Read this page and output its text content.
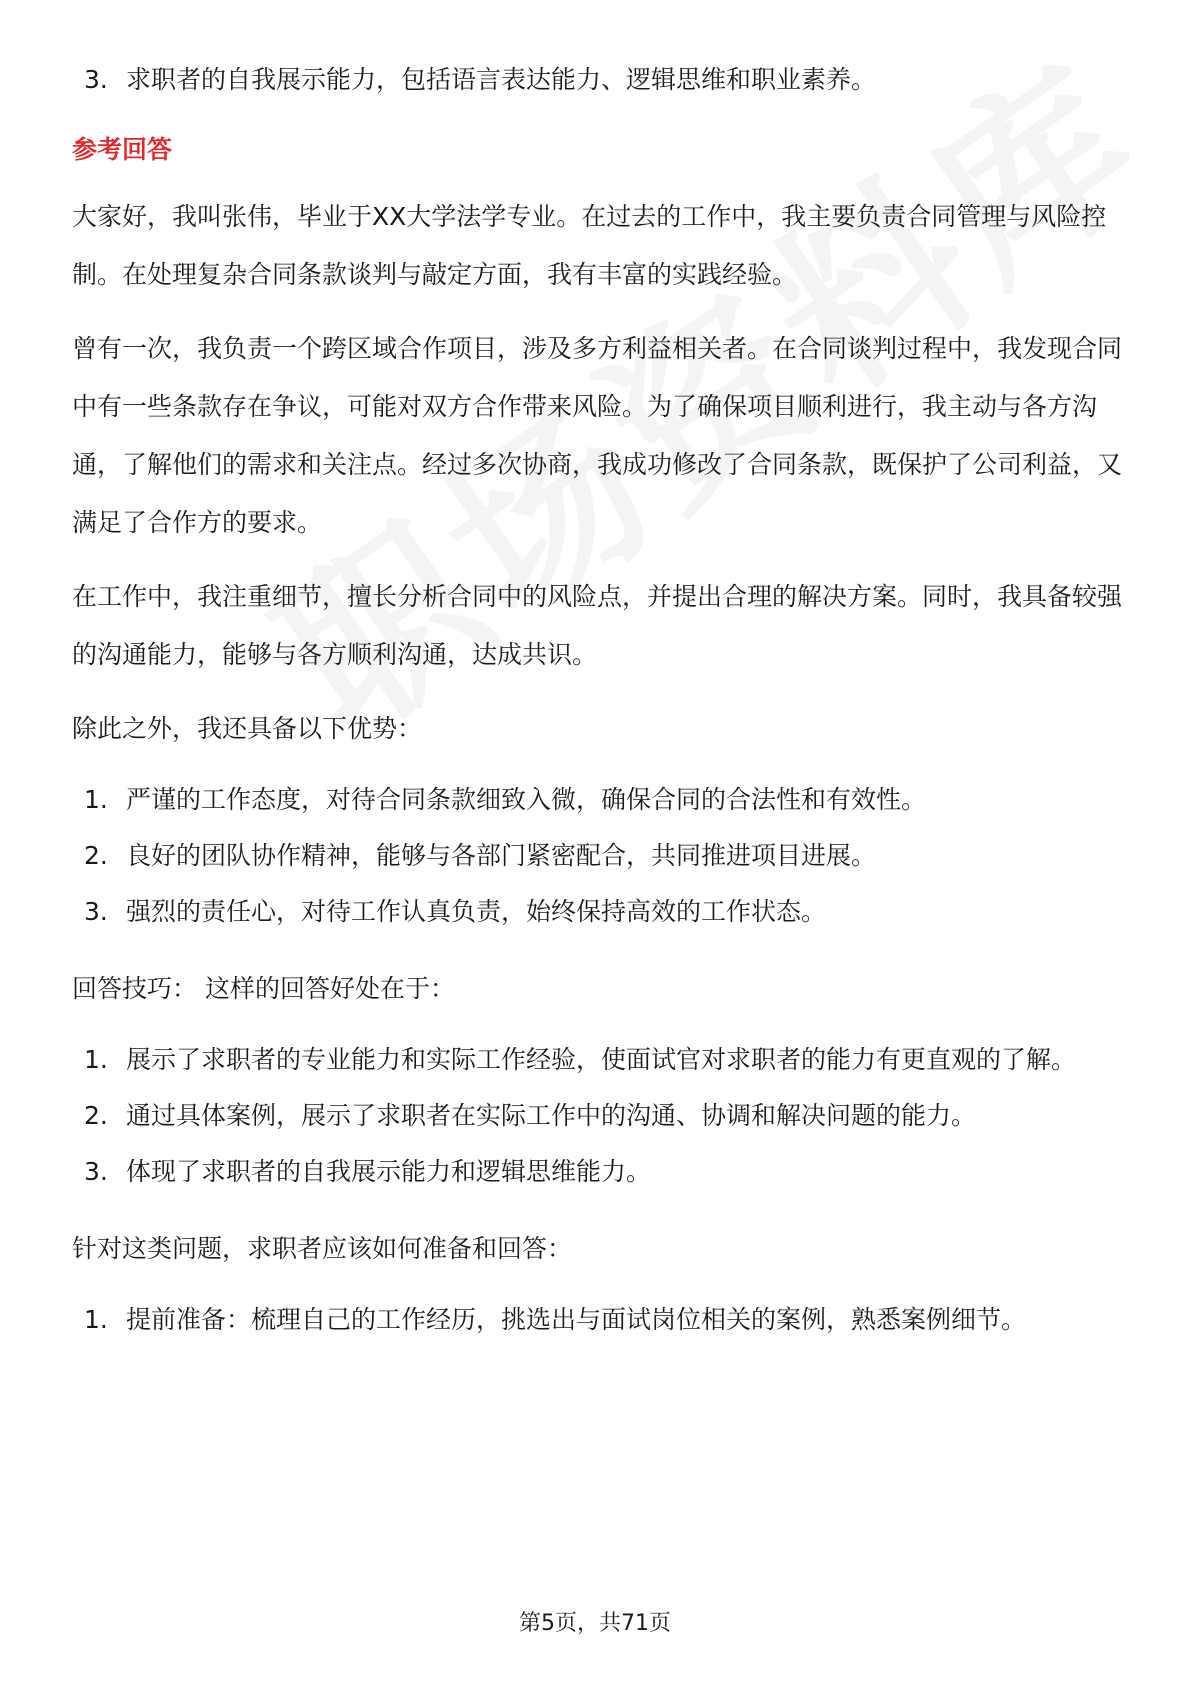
3. 求职者的自我展示能力，包括语言表达能力、逻辑思维和职业素养。
参考回答
大家好，我叫张伟，毕业于XX大学法学专业。在过去的工作中，我主要负责合同管理与风险控制。在处理复杂合同条款谈判与敲定方面，我有丰富的实践经验。
曾有一次，我负责一个跨区域合作项目，涉及多方利益相关者。在合同谈判过程中，我发现合同中有一些条款存在争议，可能对双方合作带来风险。为了确保项目顺利进行，我主动与各方沟通，了解他们的需求和关注点。经过多次协商，我成功修改了合同条款，既保护了公司利益，又满足了合作方的要求。
在工作中，我注重细节，擅长分析合同中的风险点，并提出合理的解决方案。同时，我具备较强的沟通能力，能够与各方顺利沟通，达成共识。
除此之外，我还具备以下优势：
1. 严谨的工作态度，对待合同条款细致入微，确保合同的合法性和有效性。
2. 良好的团队协作精神，能够与各部门紧密配合，共同推进项目进展。
3. 强烈的责任心，对待工作认真负责，始终保持高效的工作状态。
回答技巧： 这样的回答好处在于：
1. 展示了求职者的专业能力和实际工作经验，使面试官对求职者的能力有更直观的了解。
2. 通过具体案例，展示了求职者在实际工作中的沟通、协调和解决问题的能力。
3. 体现了求职者的自我展示能力和逻辑思维能力。
针对这类问题，求职者应该如何准备和回答：
1. 提前准备：梳理自己的工作经历，挑选出与面试岗位相关的案例，熟悉案例细节。
第5页，共71页
